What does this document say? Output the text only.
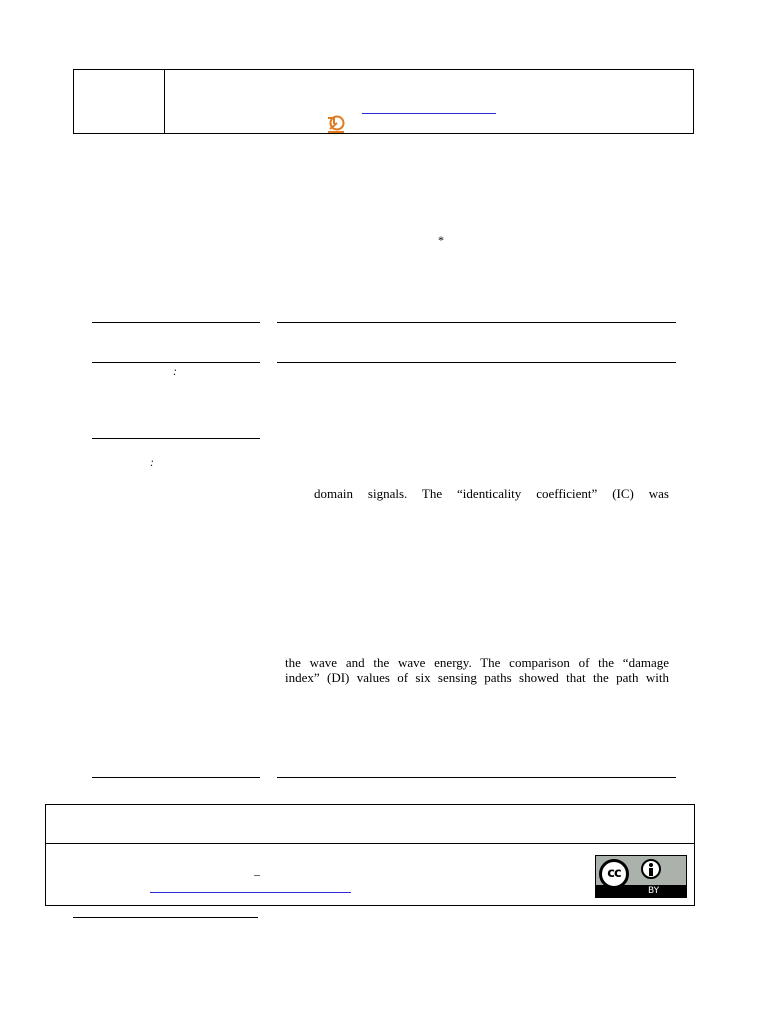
*
:
:
domain signals. The “identicality coefficient” (IC) was
the wave and the wave energy. The comparison of the “damage
index” (DI) values of six sensing paths showed that the path with
–	cc
BY
